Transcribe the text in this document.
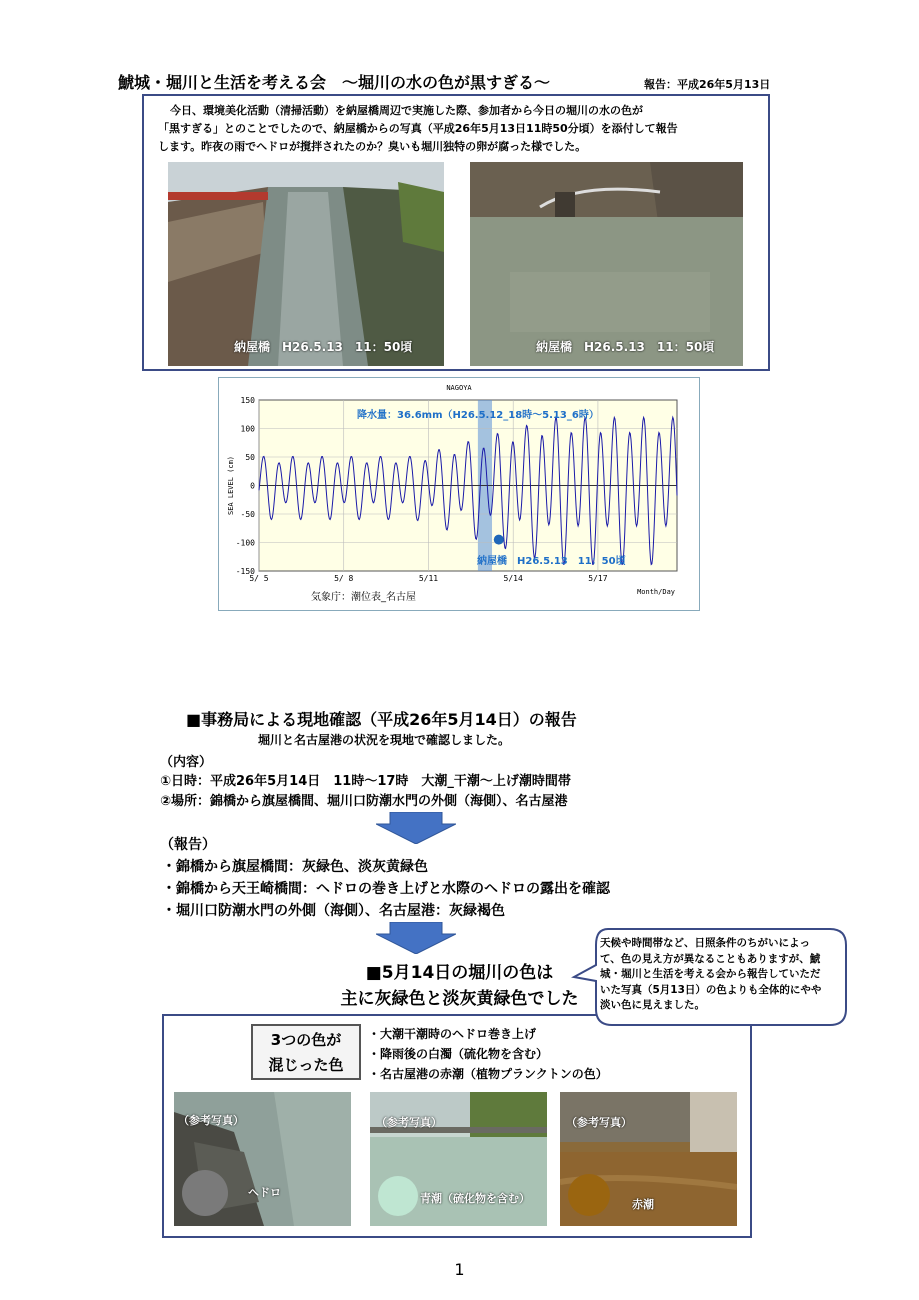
鯱城・堀川と生活を考える会　～堀川の水の色が黒すぎる～	報告：平成26年5月13日
今日、環境美化活動（清掃活動）を納屋橋周辺で実施した際、参加者から今日の堀川の水の色が
「黒すぎる」とのことでしたので、納屋橋からの写真（平成26年5月13日11時50分頃）を添付して報告
します。昨夜の雨でヘドロが撹拌されたのか？臭いも堀川独特の卵が腐った様でした。
納屋橋　H26.5.13　11：50頃	納屋橋　H26.5.13　11：50頃
150
100
50
0
-50
-100
-150
5/ 5	5/ 8	5/11	5/14	5/17
NAGOYA
SEA LEVEL (cm)
Month/Day
降水量：36.6mm（H26.5.12_18時～5.13_6時）
納屋橋　H26.5.13　11：50頃
気象庁：潮位表_名古屋
■事務局による現地確認（平成26年5月14日）の報告
堀川と名古屋港の状況を現地で確認しました。
（内容）
①日時：平成26年5月14日　11時～17時　大潮_干潮～上げ潮時間帯
②場所：錦橋から旗屋橋間、堀川口防潮水門の外側（海側）、名古屋港
（報告）
・錦橋から旗屋橋間：灰緑色、淡灰黄緑色
・錦橋から天王崎橋間：ヘドロの巻き上げと水際のヘドロの露出を確認
・堀川口防潮水門の外側（海側）、名古屋港：灰緑褐色
■5月14日の堀川の色は
主に灰緑色と淡灰黄緑色でした
3つの色が
混じった色
・大潮干潮時のヘドロ巻き上げ
・降雨後の白濁（硫化物を含む）
・名古屋港の赤潮（植物プランクトンの色）
（参考写真）
ヘドロ
（参考写真）
青潮（硫化物を含む）
（参考写真）
赤潮
天候や時間帯など、日照条件のちがいによって、色の見え方が異なることもありますが、鯱城・堀川と生活を考える会から報告していただいた写真（5月13日）の色よりも全体的にやや淡い色に見えました。
1
